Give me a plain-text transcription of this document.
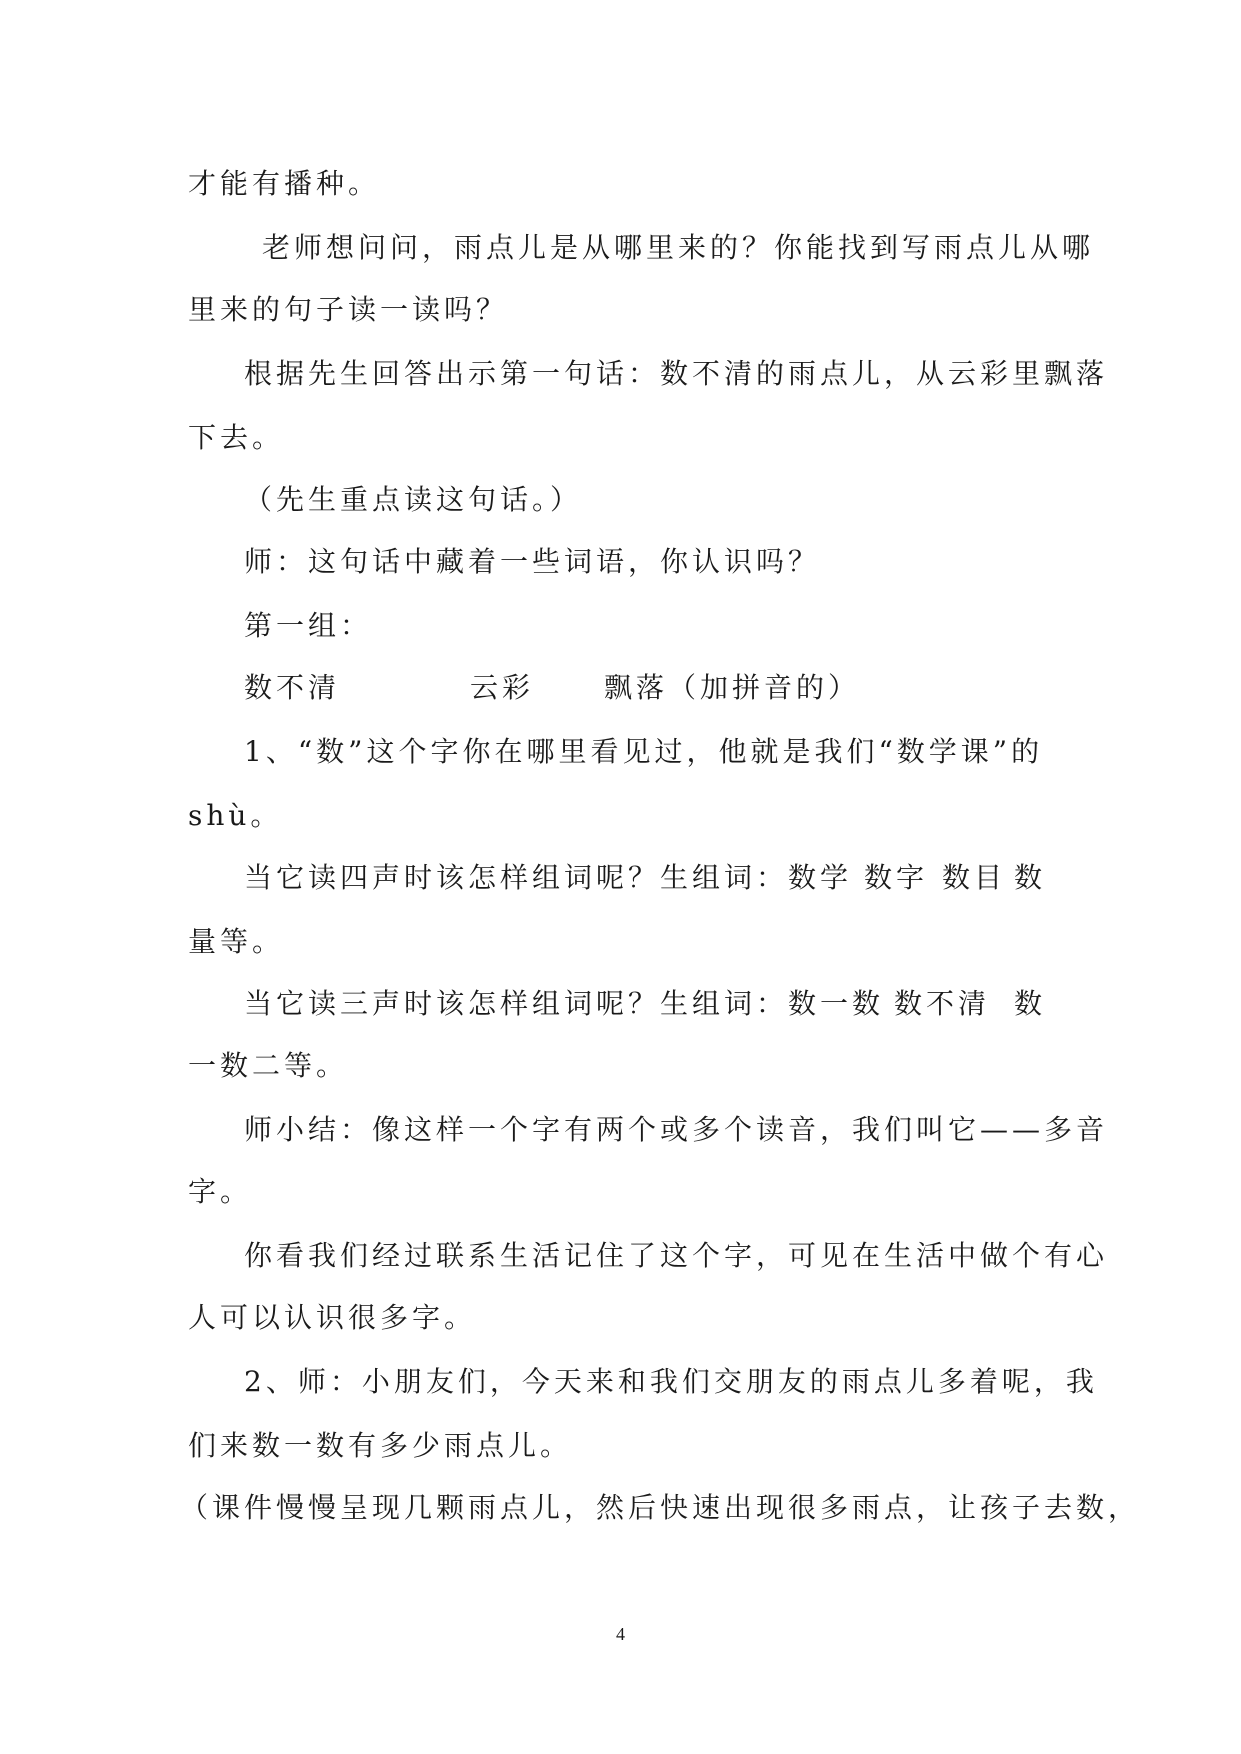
才能有播种。
老师想问问，雨点儿是从哪里来的？你能找到写雨点儿从哪
里来的句子读一读吗？
根据先生回答出示第一句话：数不清的雨点儿，从云彩里飘落
下去。
（先生重点读这句话。）
师：这句话中藏着一些词语，你认识吗？
第一组：
数不清	云彩 飘落（加拼音的）
1、“数”这个字你在哪里看见过，他就是我们“数学课”的
shù。
当它读四声时该怎样组词呢？生组词：数学 数字 数目 数
量等。
当它读三声时该怎样组词呢？生组词：数一数 数不清 数
一数二等。
师小结：像这样一个字有两个或多个读音，我们叫它——多音
字。
你看我们经过联系生活记住了这个字，可见在生活中做个有心
人可以认识很多字。
2、师：小朋友们，今天来和我们交朋友的雨点儿多着呢，我
们来数一数有多少雨点儿。
（课件慢慢呈现几颗雨点儿，然后快速出现很多雨点，让孩子去数，
4
